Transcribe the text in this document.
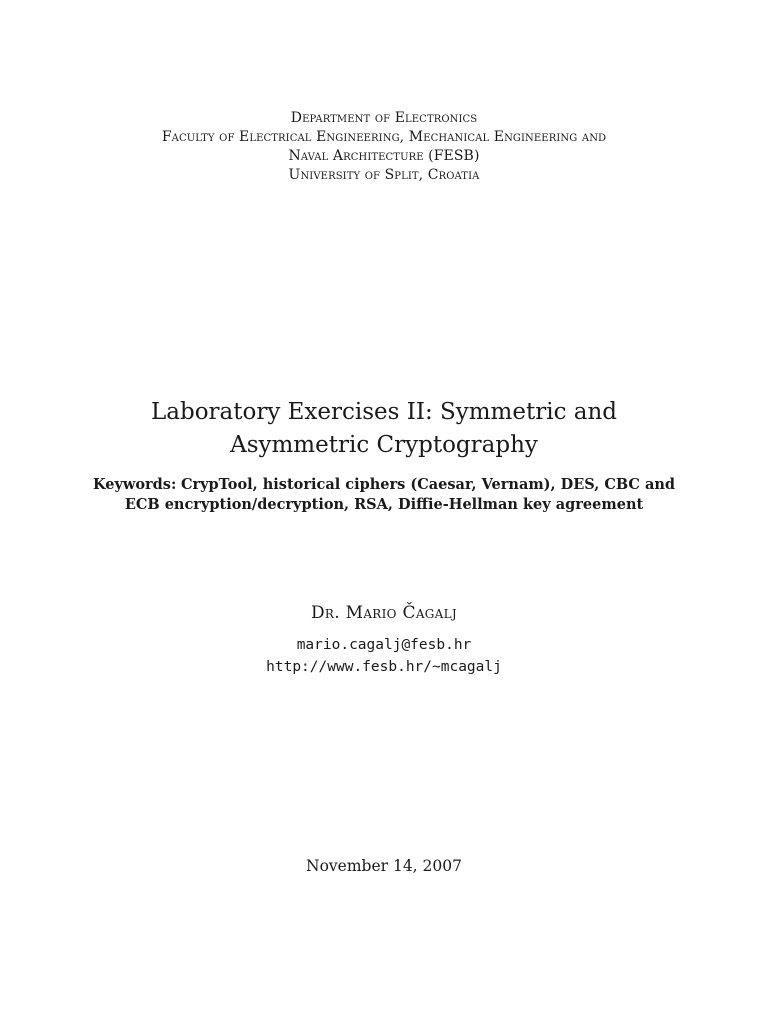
Department of Electronics
Faculty of Electrical Engineering, Mechanical Engineering and
Naval Architecture (FESB)
University of Split, Croatia
Laboratory Exercises II: Symmetric and
Asymmetric Cryptography
Keywords: CrypTool, historical ciphers (Caesar, Vernam), DES, CBC and
ECB encryption/decryption, RSA, Diffie-Hellman key agreement
Dr. Mario Čagalj
mario.cagalj@fesb.hr
http://www.fesb.hr/~mcagalj
November 14, 2007
